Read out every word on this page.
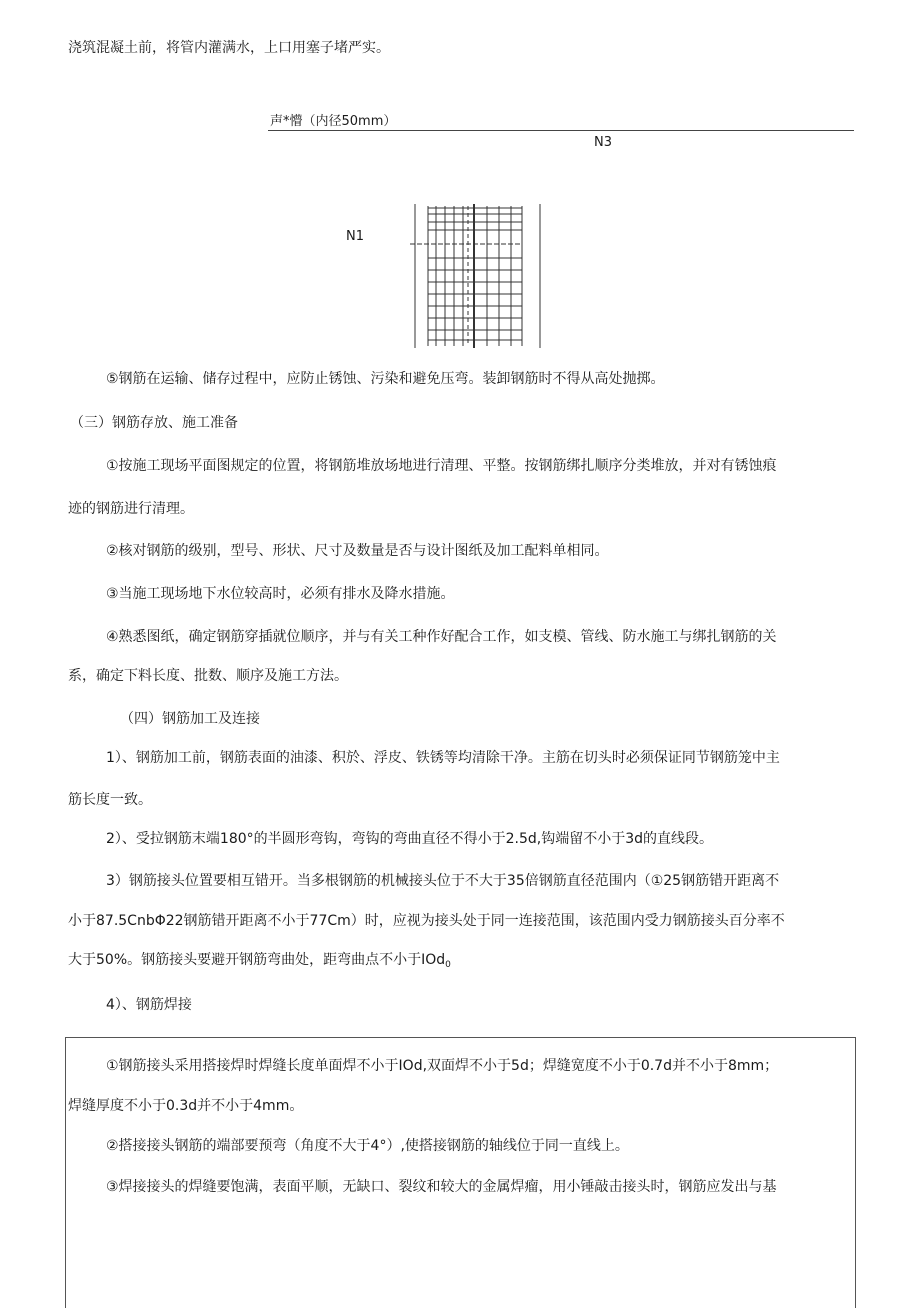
浇筑混凝土前，将管内灌满水，上口用塞子堵严实。
声*懵（内径50mm）
N3
N1
⑤钢筋在运输、储存过程中，应防止锈蚀、污染和避免压弯。装卸钢筋时不得从高处抛掷。
（三）钢筋存放、施工准备
①按施工现场平面图规定的位置，将钢筋堆放场地进行清理、平整。按钢筋绑扎顺序分类堆放，并对有锈蚀痕
迹的钢筋进行清理。
②核对钢筋的级别，型号、形状、尺寸及数量是否与设计图纸及加工配料单相同。
③当施工现场地下水位较高时，必须有排水及降水措施。
④熟悉图纸，确定钢筋穿插就位顺序，并与有关工种作好配合工作，如支模、管线、防水施工与绑扎钢筋的关
系，确定下料长度、批数、顺序及施工方法。
（四）钢筋加工及连接
1）、钢筋加工前，钢筋表面的油漆、积於、浮皮、铁锈等均清除干净。主筋在切头时必须保证同节钢筋笼中主
筋长度一致。
2）、受拉钢筋末端180°的半圆形弯钩，弯钩的弯曲直径不得小于2.5d,钩端留不小于3d的直线段。
3）钢筋接头位置要相互错开。当多根钢筋的机械接头位于不大于35倍钢筋直径范围内（①25钢筋错开距离不
小于87.5CnbΦ22钢筋错开距离不小于77Cm）时，应视为接头处于同一连接范围，该范围内受力钢筋接头百分率不
大于50%。钢筋接头要避开钢筋弯曲处，距弯曲点不小于IOd$_0$
4）、钢筋焊接
①钢筋接头采用搭接焊时焊缝长度单面焊不小于IOd,双面焊不小于5d；焊缝宽度不小于0.7d并不小于8mm；
焊缝厚度不小于0.3d并不小于4mm。
②搭接接头钢筋的端部要预弯（角度不大于4°）,使搭接钢筋的轴线位于同一直线上。
③焊接接头的焊缝要饱满，表面平顺，无缺口、裂纹和较大的金属焊瘤，用小锤敲击接头时，钢筋应发出与基
